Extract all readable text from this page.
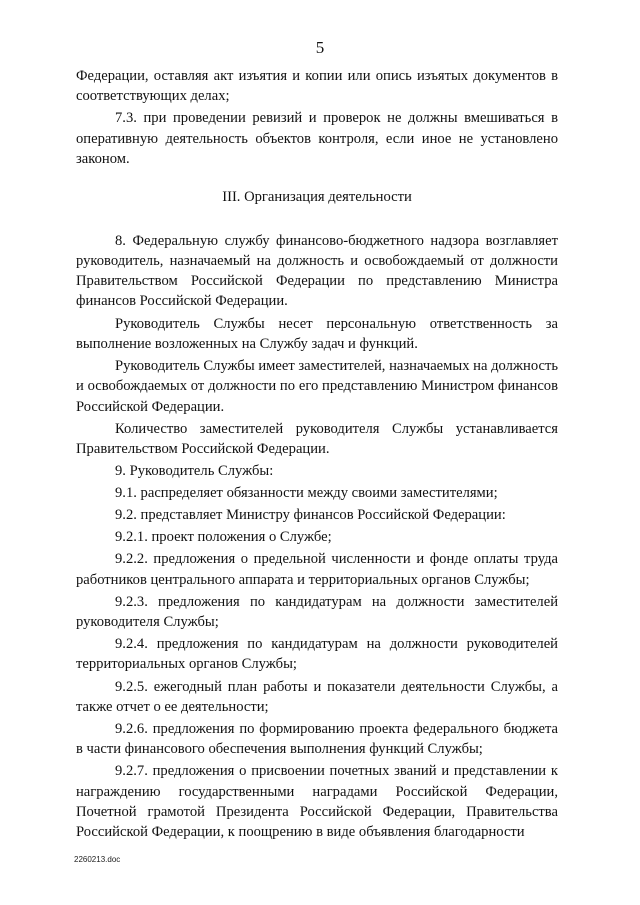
5

Федерации, оставляя акт изъятия и копии или опись изъятых документов в соответствующих делах;

7.3. при проведении ревизий и проверок не должны вмешиваться в оперативную деятельность объектов контроля, если иное не установлено законом.

III. Организация деятельности

8. Федеральную службу финансово-бюджетного надзора возглавляет руководитель, назначаемый на должность и освобождаемый от должности Правительством Российской Федерации по представлению Министра финансов Российской Федерации.

Руководитель Службы несет персональную ответственность за выполнение возложенных на Службу задач и функций.

Руководитель Службы имеет заместителей, назначаемых на должность и освобождаемых от должности по его представлению Министром финансов Российской Федерации.

Количество заместителей руководителя Службы устанавливается Правительством Российской Федерации.

9. Руководитель Службы:

9.1. распределяет обязанности между своими заместителями;

9.2. представляет Министру финансов Российской Федерации:

9.2.1. проект положения о Службе;

9.2.2. предложения о предельной численности и фонде оплаты труда работников центрального аппарата и территориальных органов Службы;

9.2.3. предложения по кандидатурам на должности заместителей руководителя Службы;

9.2.4. предложения по кандидатурам на должности руководителей территориальных органов Службы;

9.2.5. ежегодный план работы и показатели деятельности Службы, а также отчет о ее деятельности;

9.2.6. предложения по формированию проекта федерального бюджета в части финансового обеспечения выполнения функций Службы;

9.2.7. предложения о присвоении почетных званий и представлении к награждению государственными наградами Российской Федерации, Почетной грамотой Президента Российской Федерации, Правительства Российской Федерации, к поощрению в виде объявления благодарности

2260213.doc
